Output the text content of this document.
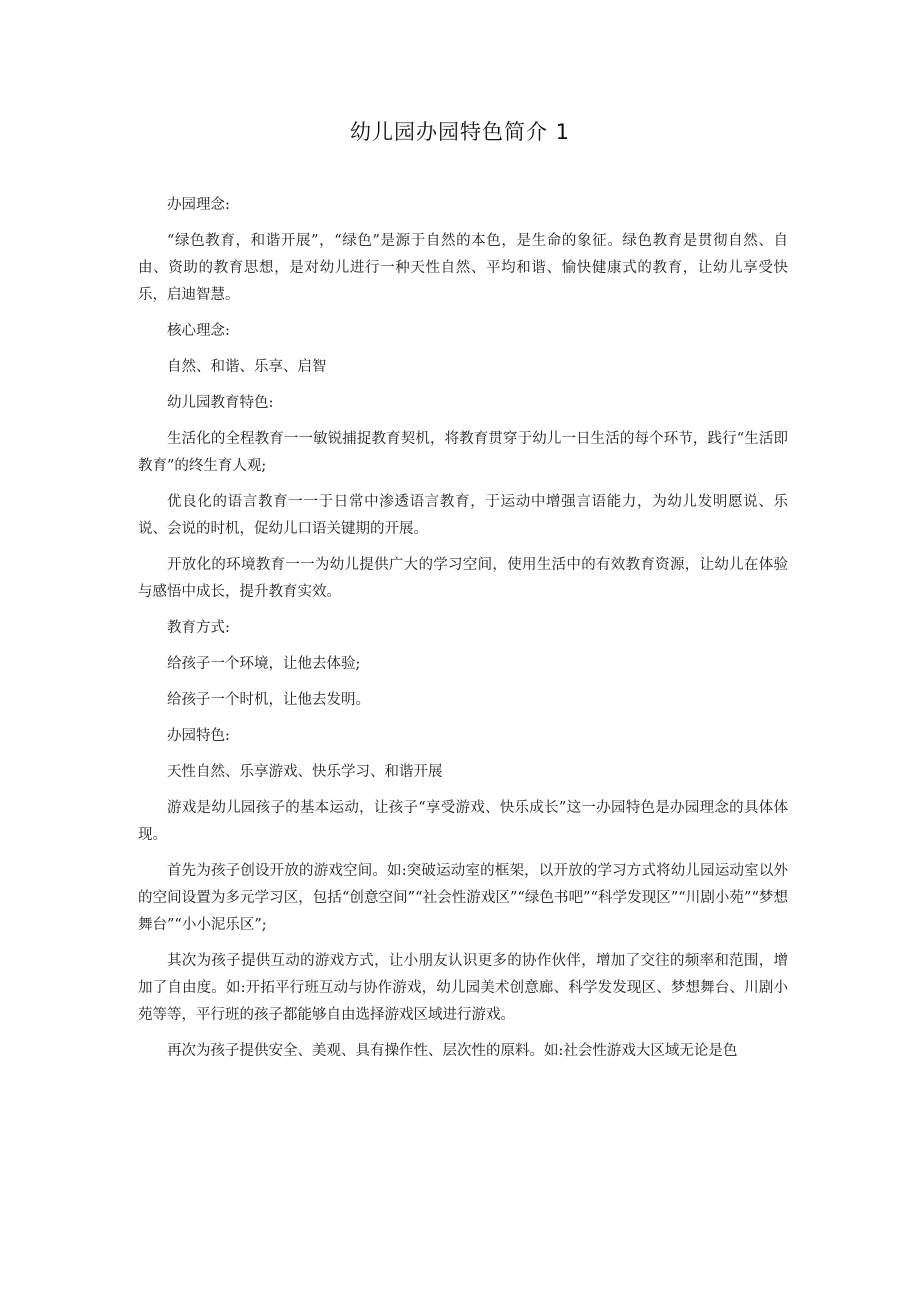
幼儿园办园特色简介 1

办园理念:

“绿色教育，和谐开展”，“绿色”是源于自然的本色，是生命的象征。绿色教育是贯彻自然、自由、资助的教育思想，是对幼儿进行一种天性自然、平均和谐、愉快健康式的教育，让幼儿享受快乐，启迪智慧。

核心理念:

自然、和谐、乐享、启智

幼儿园教育特色:

生活化的全程教育一一敏锐捕捉教育契机，将教育贯穿于幼儿一日生活的每个环节，践行“生活即教育”的终生育人观;

优良化的语言教育一一于日常中渗透语言教育，于运动中增强言语能力，为幼儿发明愿说、乐说、会说的时机，促幼儿口语关键期的开展。

开放化的环境教育一一为幼儿提供广大的学习空间，使用生活中的有效教育资源，让幼儿在体验与感悟中成长，提升教育实效。

教育方式:

给孩子一个环境，让他去体验;

给孩子一个时机，让他去发明。

办园特色:

天性自然、乐享游戏、快乐学习、和谐开展

游戏是幼儿园孩子的基本运动，让孩子“享受游戏、快乐成长”这一办园特色是办园理念的具体体现。

首先为孩子创设开放的游戏空间。如:突破运动室的框架，以开放的学习方式将幼儿园运动室以外的空间设置为多元学习区，包括“创意空间”“社会性游戏区”“绿色书吧”“科学发现区”“川剧小苑”“梦想舞台”“小小泥乐区”;

其次为孩子提供互动的游戏方式，让小朋友认识更多的协作伙伴，增加了交往的频率和范围，增加了自由度。如:开拓平行班互动与协作游戏，幼儿园美术创意廊、科学发发现区、梦想舞台、川剧小苑等等，平行班的孩子都能够自由选择游戏区域进行游戏。

再次为孩子提供安全、美观、具有操作性、层次性的原料。如:社会性游戏大区域无论是色
